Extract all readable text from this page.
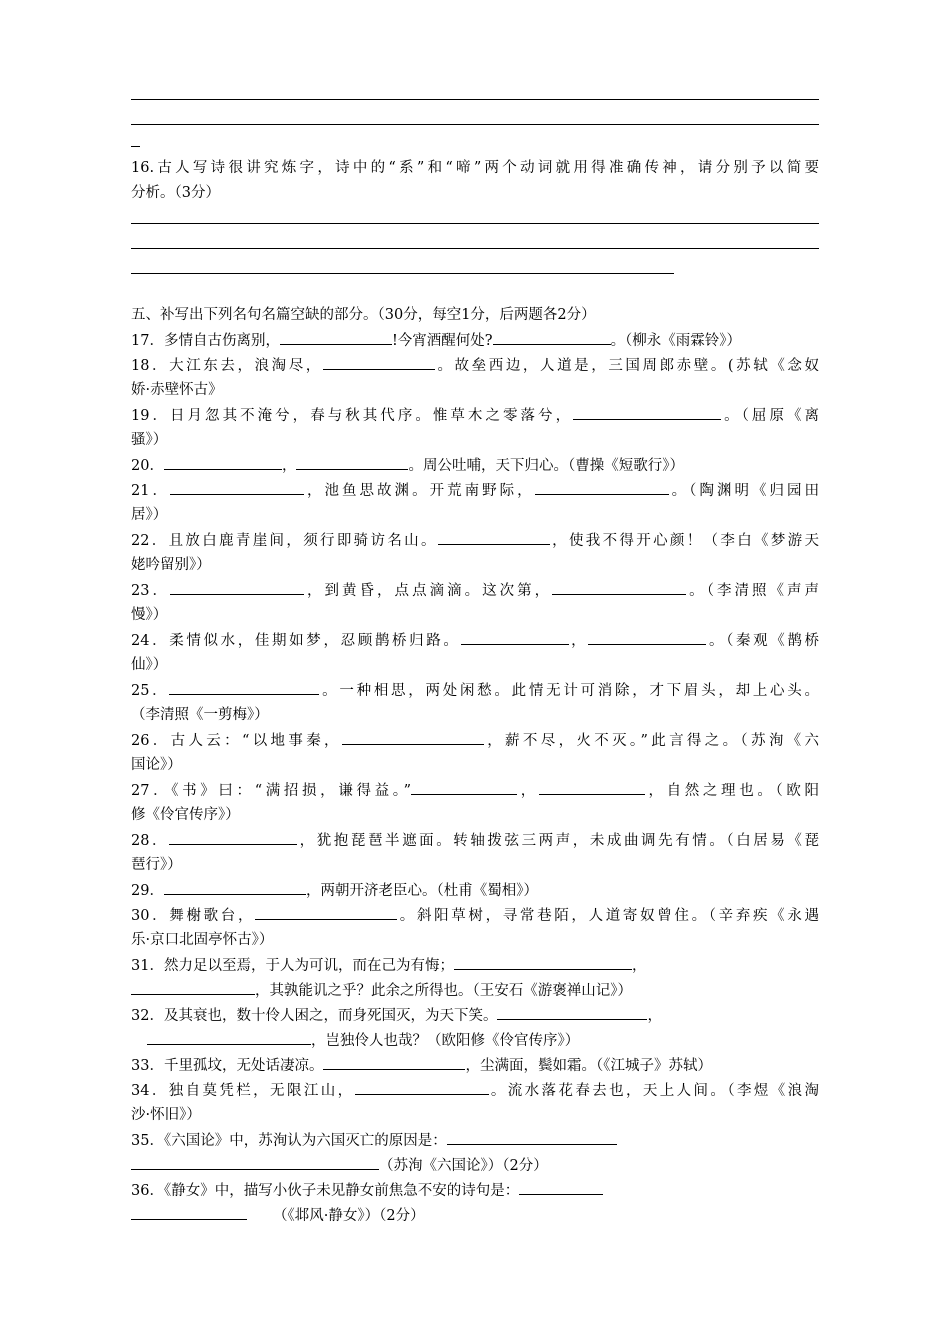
16.古人写诗很讲究炼字，诗中的“系”和“啼”两个动词就用得准确传神，请分别予以简要
分析。（3分）
五、补写出下列名句名篇空缺的部分。（30分，每空1分，后两题各2分）
17．多情自古伤离别，	!今宵酒醒何处?	。（柳永《雨霖铃》）
18．大江东去，浪淘尽，	。故垒西边，人道是，三国周郎赤壁。(苏轼《念奴
娇·赤壁怀古》
19．日月忽其不淹兮，春与秋其代序。惟草木之零落兮，	。（屈原《离
骚》）
20．	，	。周公吐哺，天下归心。（曹操《短歌行》）
21．	，池鱼思故渊。开荒南野际，	。（陶渊明《归园田
居》）
22．且放白鹿青崖间，须行即骑访名山。	，使我不得开心颜！（李白《梦游天
姥吟留别》）
23．	，到黄昏，点点滴滴。这次第，	。（李清照《声声
慢》）
24．柔情似水，佳期如梦，忍顾鹊桥归路。	，	。（秦观《鹊桥
仙》）
25．	。一种相思，两处闲愁。此情无计可消除，才下眉头，却上心头。
（李清照《一剪梅》）
26．古人云：“以地事秦，	，薪不尽，火不灭。”此言得之。（苏洵《六
国论》）
27．《书》曰：“满招损，谦得益。”	，	，自然之理也。（欧阳
修《伶官传序》）
28．	，犹抱琵琶半遮面。转轴拨弦三两声，未成曲调先有情。（白居易《琵
琶行》）
29．	，两朝开济老臣心。（杜甫《蜀相》）
30．舞榭歌台，	。斜阳草树，寻常巷陌，人道寄奴曾住。（辛弃疾《永遇
乐·京口北固亭怀古》）
31．然力足以至焉，于人为可讥，而在己为有悔；	，
，其孰能讥之乎？此余之所得也。（王安石《游褒禅山记》）
32．及其衰也，数十伶人困之，而身死国灭，为天下笑。	，
，岂独伶人也哉？（欧阳修《伶官传序》）
33．千里孤坟，无处话凄凉。	，尘满面，鬓如霜。（《江城子》苏轼）
34．独自莫凭栏，无限江山，	。流水落花春去也，天上人间。（李煜《浪淘
沙·怀旧》）
35．《六国论》中，苏洵认为六国灭亡的原因是：
（苏洵《六国论》）（2分）
36．《静女》中，描写小伙子未见静女前焦急不安的诗句是：
（《邶风·静女》）（2分）
